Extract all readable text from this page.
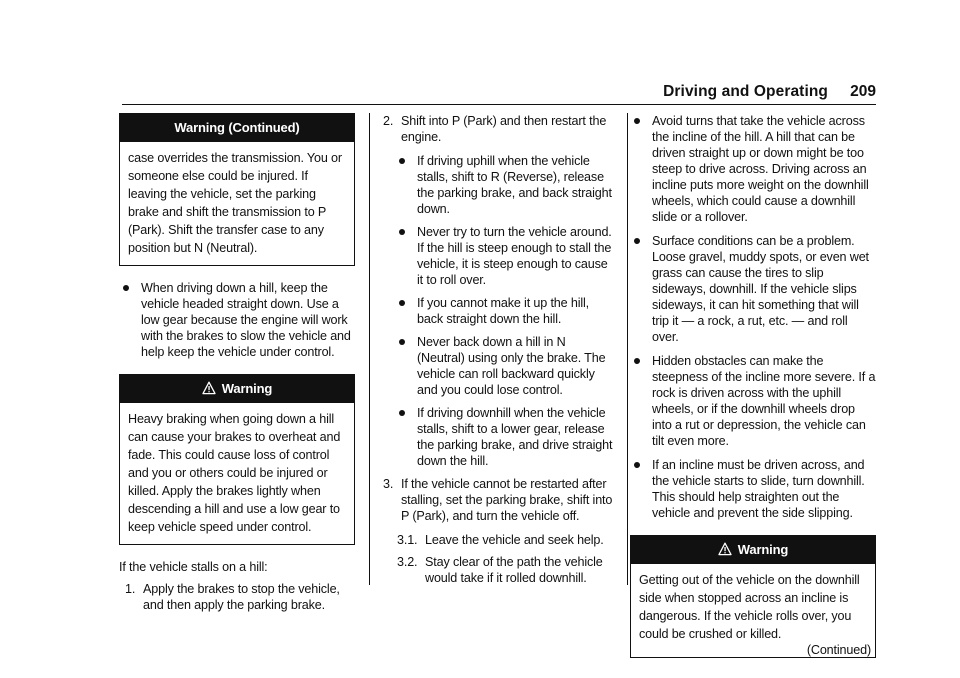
Driving and Operating 209
Warning (Continued)
case overrides the transmission. You or someone else could be injured. If leaving the vehicle, set the parking brake and shift the transmission to P (Park). Shift the transfer case to any position but N (Neutral).
When driving down a hill, keep the vehicle headed straight down. Use a low gear because the engine will work with the brakes to slow the vehicle and help keep the vehicle under control.
Warning
Heavy braking when going down a hill can cause your brakes to overheat and fade. This could cause loss of control and you or others could be injured or killed. Apply the brakes lightly when descending a hill and use a low gear to keep vehicle speed under control.
If the vehicle stalls on a hill:
1. Apply the brakes to stop the vehicle, and then apply the parking brake.
2. Shift into P (Park) and then restart the engine.
If driving uphill when the vehicle stalls, shift to R (Reverse), release the parking brake, and back straight down.
Never try to turn the vehicle around. If the hill is steep enough to stall the vehicle, it is steep enough to cause it to roll over.
If you cannot make it up the hill, back straight down the hill.
Never back down a hill in N (Neutral) using only the brake. The vehicle can roll backward quickly and you could lose control.
If driving downhill when the vehicle stalls, shift to a lower gear, release the parking brake, and drive straight down the hill.
3. If the vehicle cannot be restarted after stalling, set the parking brake, shift into P (Park), and turn the vehicle off.
3.1. Leave the vehicle and seek help.
3.2. Stay clear of the path the vehicle would take if it rolled downhill.
Avoid turns that take the vehicle across the incline of the hill. A hill that can be driven straight up or down might be too steep to drive across. Driving across an incline puts more weight on the downhill wheels, which could cause a downhill slide or a rollover.
Surface conditions can be a problem. Loose gravel, muddy spots, or even wet grass can cause the tires to slip sideways, downhill. If the vehicle slips sideways, it can hit something that will trip it — a rock, a rut, etc. — and roll over.
Hidden obstacles can make the steepness of the incline more severe. If a rock is driven across with the uphill wheels, or if the downhill wheels drop into a rut or depression, the vehicle can tilt even more.
If an incline must be driven across, and the vehicle starts to slide, turn downhill. This should help straighten out the vehicle and prevent the side slipping.
Warning
Getting out of the vehicle on the downhill side when stopped across an incline is dangerous. If the vehicle rolls over, you could be crushed or killed.
(Continued)
